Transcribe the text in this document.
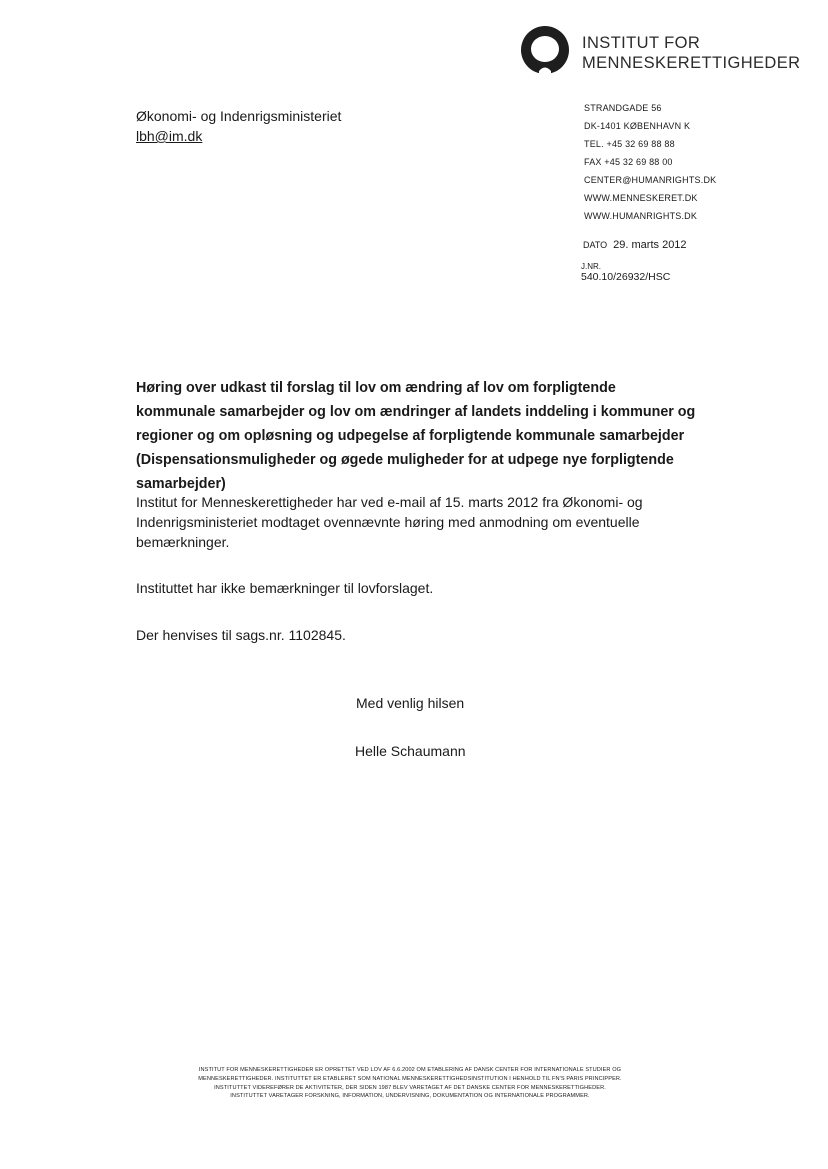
INSTITUT FOR
MENNESKERETTIGHEDER
Økonomi- og Indenrigsministeriet
lbh@im.dk
STRANDGADE 56
DK-1401 KØBENHAVN K
TEL. +45 32 69 88 88
FAX +45 32 69 88 00
CENTER@HUMANRIGHTS.DK
WWW.MENNESKERET.DK
WWW.HUMANRIGHTS.DK
DATO 29. marts 2012
J.NR.
540.10/26932/HSC
Høring over udkast til forslag til lov om ændring af lov om forpligtende kommunale samarbejder og lov om ændringer af landets inddeling i kommuner og regioner og om opløsning og udpegelse af forpligtende kommunale samarbejder (Dispensationsmuligheder og øgede muligheder for at udpege nye forpligtende samarbejder)
Institut for Menneskerettigheder har ved e-mail af 15. marts 2012 fra Økonomi- og Indenrigsministeriet modtaget ovennævnte høring med anmodning om eventuelle bemærkninger.
Instituttet har ikke bemærkninger til lovforslaget.
Der henvises til sags.nr. 1102845.
Med venlig hilsen
Helle Schaumann
INSTITUT FOR MENNESKERETTIGHEDER ER OPRETTET VED LOV AF 6.6.2002 OM ETABLERING AF DANSK CENTER FOR INTERNATIONALE STUDIER OG
MENNESKERETTIGHEDER. INSTITUTTET ER ETABLERET SOM NATIONAL MENNESKERETTIGHEDSINSTITUTION I HENHOLD TIL FN'S PARIS PRINCIPPER.
INSTITUTTET VIDEREFØRER DE AKTIVITETER, DER SIDEN 1987 BLEV VARETAGET AF DET DANSKE CENTER FOR MENNESKERETTIGHEDER.
INSTITUTTET VARETAGER FORSKNING, INFORMATION, UNDERVISNING, DOKUMENTATION OG INTERNATIONALE PROGRAMMER.
